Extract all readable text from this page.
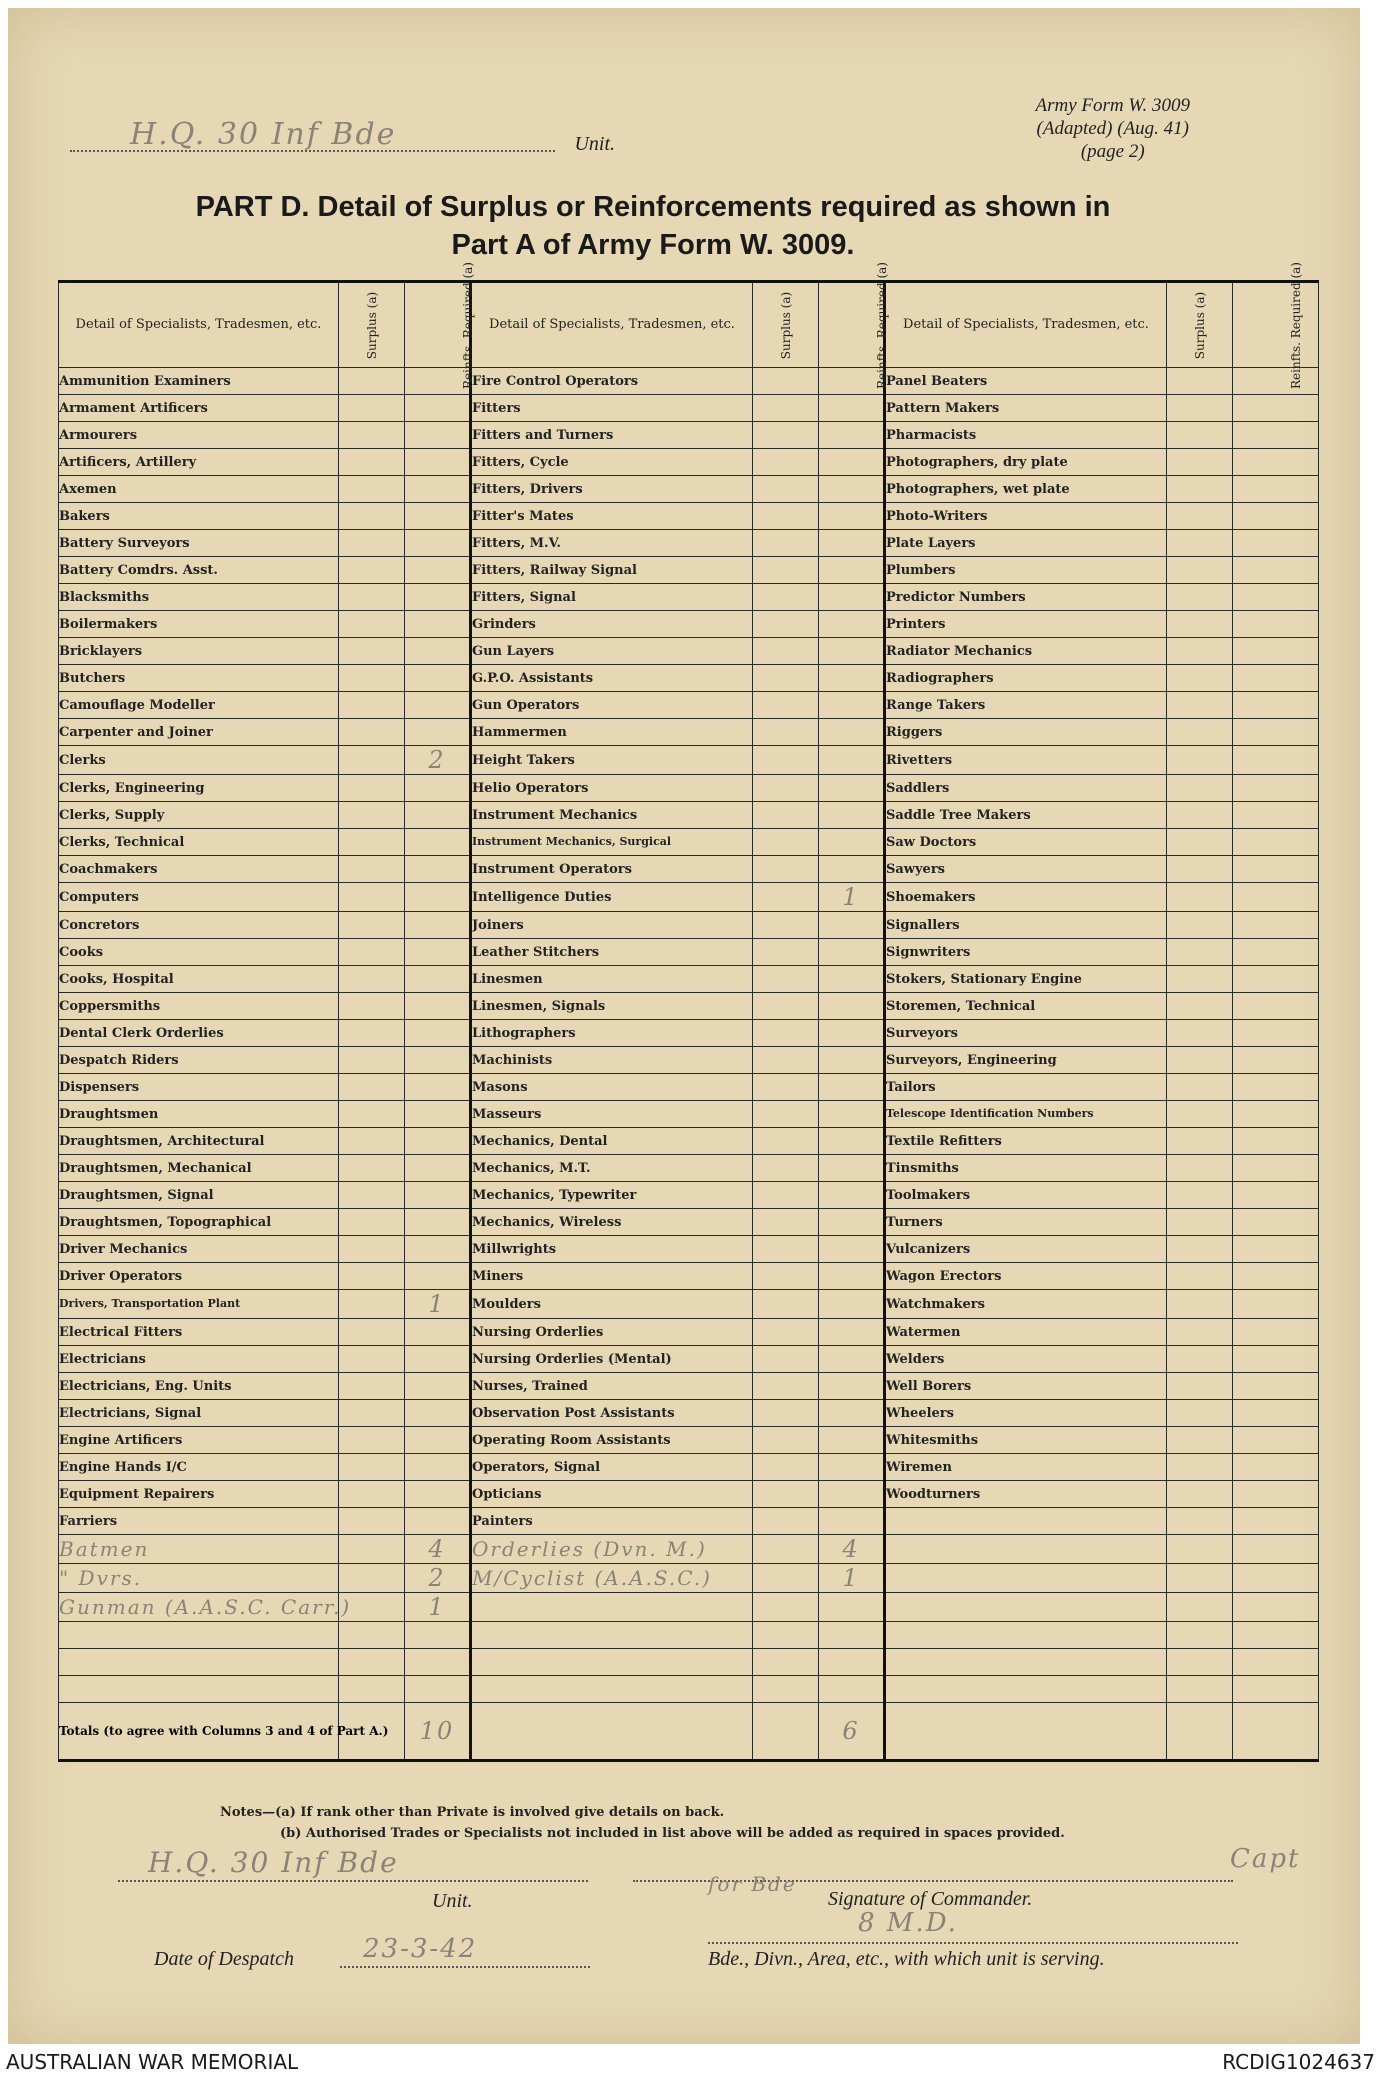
Army Form W. 3009
(Adapted) (Aug. 41)
(page 2)
H.Q. 30 Inf Bde	Unit.
PART D. Detail of Surplus or Reinforcements required as shown in
Part A of Army Form W. 3009.
Detail of Specialists, Tradesmen, etc.	Surplus (a)	Reinfts. Required (a)	Detail of Specialists, Tradesmen, etc.	Surplus (a)	Reinfts. Required (a)	Detail of Specialists, Tradesmen, etc.	Surplus (a)	Reinfts. Required (a)
Ammunition Examiners			Fire Control Operators			Panel Beaters		
Armament Artificers			Fitters			Pattern Makers		
Armourers			Fitters and Turners			Pharmacists		
Artificers, Artillery			Fitters, Cycle			Photographers, dry plate		
Axemen			Fitters, Drivers			Photographers, wet plate		
Bakers			Fitter's Mates			Photo-Writers		
Battery Surveyors			Fitters, M.V.			Plate Layers		
Battery Comdrs. Asst.			Fitters, Railway Signal			Plumbers		
Blacksmiths			Fitters, Signal			Predictor Numbers		
Boilermakers			Grinders			Printers		
Bricklayers			Gun Layers			Radiator Mechanics		
Butchers			G.P.O. Assistants			Radiographers		
Camouflage Modeller			Gun Operators			Range Takers		
Carpenter and Joiner			Hammermen			Riggers		
Clerks		2	Height Takers			Rivetters		
Clerks, Engineering			Helio Operators			Saddlers		
Clerks, Supply			Instrument Mechanics			Saddle Tree Makers		
Clerks, Technical			Instrument Mechanics, Surgical			Saw Doctors		
Coachmakers			Instrument Operators			Sawyers		
Computers			Intelligence Duties		1	Shoemakers		
Concretors			Joiners			Signallers		
Cooks			Leather Stitchers			Signwriters		
Cooks, Hospital			Linesmen			Stokers, Stationary Engine		
Coppersmiths			Linesmen, Signals			Storemen, Technical		
Dental Clerk Orderlies			Lithographers			Surveyors		
Despatch Riders			Machinists			Surveyors, Engineering		
Dispensers			Masons			Tailors		
Draughtsmen			Masseurs			Telescope Identification Numbers		
Draughtsmen, Architectural			Mechanics, Dental			Textile Refitters		
Draughtsmen, Mechanical			Mechanics, M.T.			Tinsmiths		
Draughtsmen, Signal			Mechanics, Typewriter			Toolmakers		
Draughtsmen, Topographical			Mechanics, Wireless			Turners		
Driver Mechanics			Millwrights			Vulcanizers		
Driver Operators			Miners			Wagon Erectors		
Drivers, Transportation Plant		1	Moulders			Watchmakers		
Electrical Fitters			Nursing Orderlies			Watermen		
Electricians			Nursing Orderlies (Mental)			Welders		
Electricians, Eng. Units			Nurses, Trained			Well Borers		
Electricians, Signal			Observation Post Assistants			Wheelers		
Engine Artificers			Operating Room Assistants			Whitesmiths		
Engine Hands I/C			Operators, Signal			Wiremen		
Equipment Repairers			Opticians			Woodturners		
Farriers			Painters					
Batmen		4	Orderlies (Dvn. M.)		4			
" Dvrs.		2	M/Cyclist (A.A.S.C.)		1			
Gunman (A.A.S.C. Carr.)		1						

Totals (to agree with Columns 3 and 4 of Part A.)		10			6			
Notes—(a) If rank other than Private is involved give details on back.
(b) Authorised Trades or Specialists not included in list above will be added as required in spaces provided.
H.Q. 30 Inf Bde
Unit.
for Bde
Capt
Signature of Commander.
8 M.D.
Bde., Divn., Area, etc., with which unit is serving.
Date of Despatch	23-3-42
AUSTRALIAN WAR MEMORIAL	RCDIG1024637
